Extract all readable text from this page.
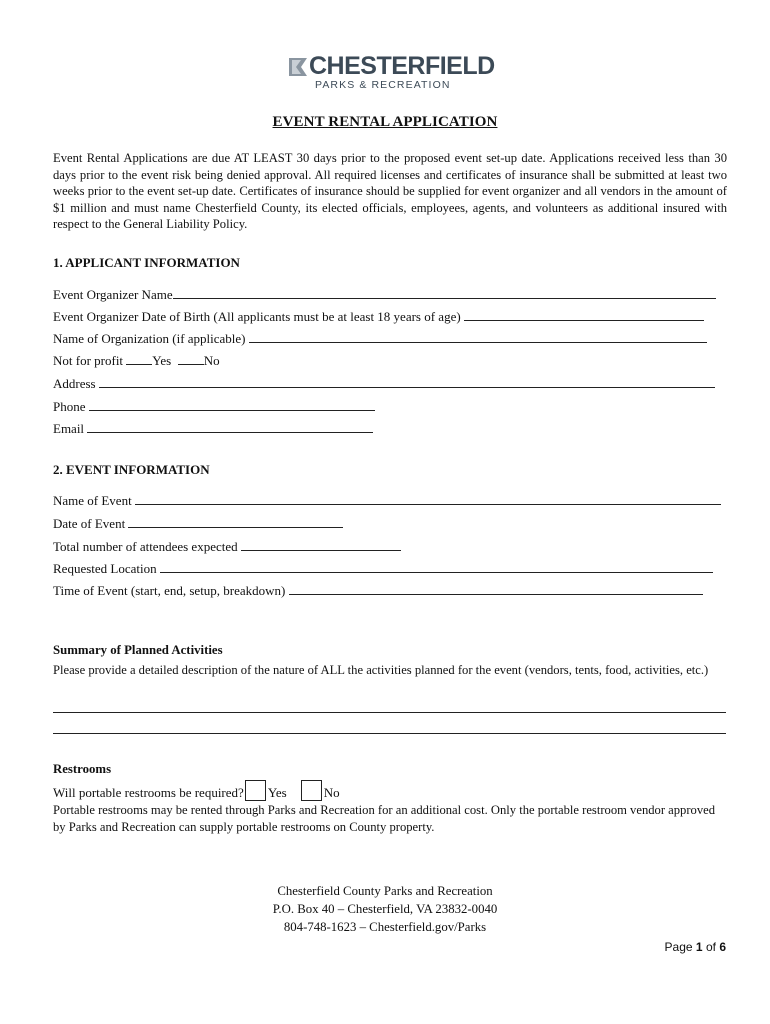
CHESTERFIELD
PARKS & RECREATION
EVENT RENTAL APPLICATION
Event Rental Applications are due AT LEAST 30 days prior to the proposed event set-up date. Applications received less than 30 days prior to the event risk being denied approval. All required licenses and certificates of insurance shall be submitted at least two weeks prior to the event set-up date. Certificates of insurance should be supplied for event organizer and all vendors in the amount of $1 million and must name Chesterfield County, its elected officials, employees, agents, and volunteers as additional insured with respect to the General Liability Policy.
1. APPLICANT INFORMATION
Event Organizer Name
Event Organizer Date of Birth (All applicants must be at least 18 years of age)
Name of Organization (if applicable)
Not for profit Yes	No
Address
Phone
Email
2. EVENT INFORMATION
Name of Event
Date of Event
Total number of attendees expected
Requested Location
Time of Event (start, end, setup, breakdown)
Summary of Planned Activities
Please provide a detailed description of the nature of ALL the activities planned for the event (vendors, tents, food, activities, etc.)
Restrooms
Will portable restrooms be required? Yes	No
Portable restrooms may be rented through Parks and Recreation for an additional cost. Only the portable restroom vendor approved by Parks and Recreation can supply portable restrooms on County property.
Chesterfield County Parks and Recreation
P.O. Box 40 – Chesterfield, VA 23832-0040
804-748-1623 – Chesterfield.gov/Parks
Page 1 of 6
